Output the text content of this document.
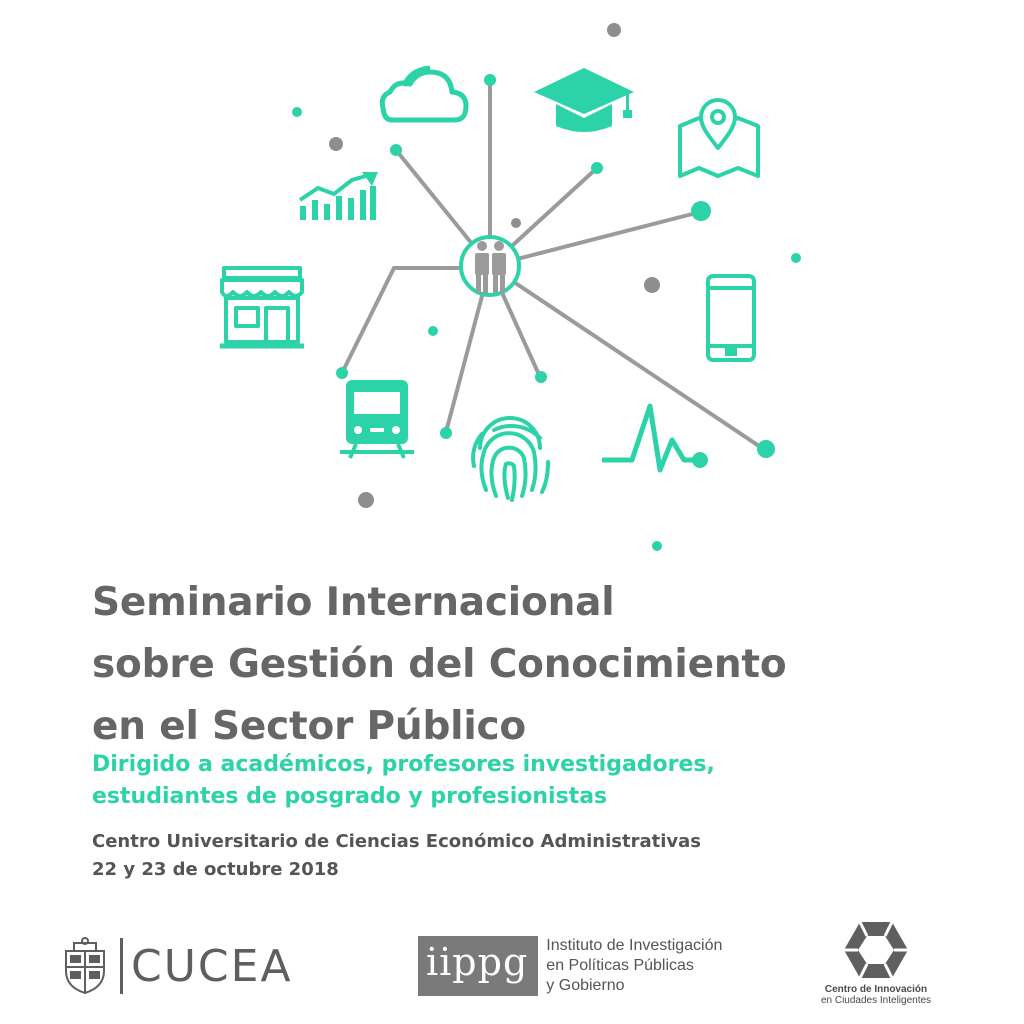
Seminario Internacional
sobre Gestión del Conocimiento
en el Sector Público

Dirigido a académicos, profesores investigadores,
estudiantes de posgrado y profesionistas

Centro Universitario de Ciencias Económico Administrativas
22 y 23 de octubre 2018

CUCEA	iippg	Instituto de Investigación
en Políticas Públicas
y Gobierno	Centro de Innovación
en Ciudades Inteligentes
